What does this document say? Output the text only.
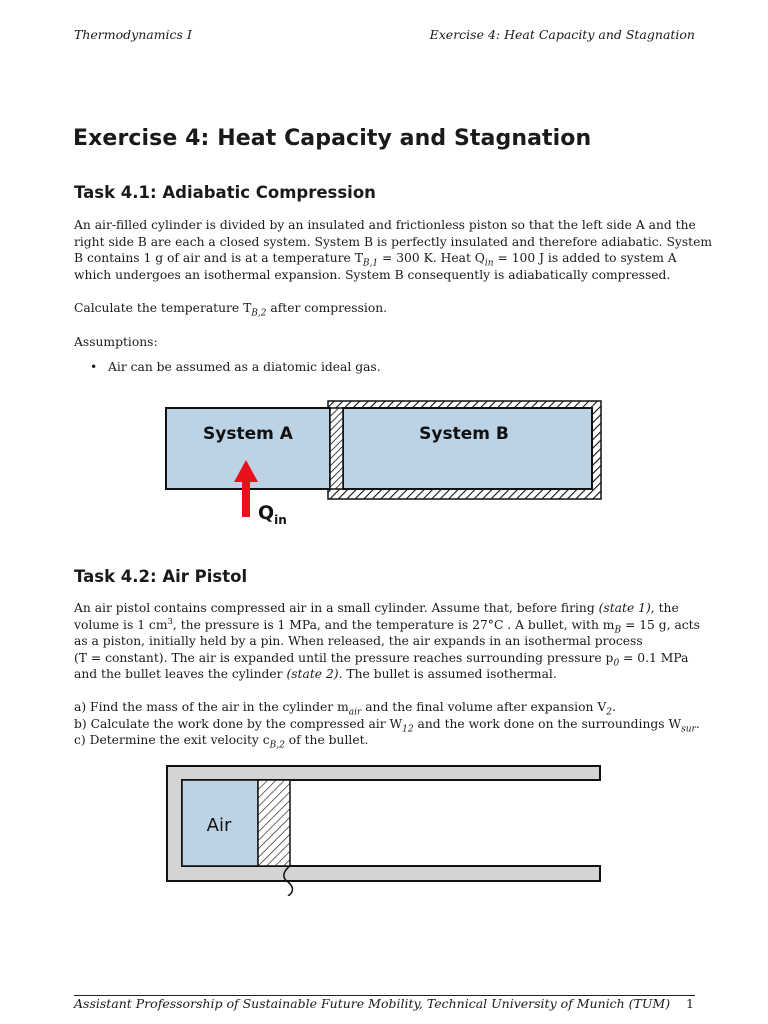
Thermodynamics I	Exercise 4: Heat Capacity and Stagnation
Exercise 4: Heat Capacity and Stagnation
Task 4.1: Adiabatic Compression
An air-filled cylinder is divided by an insulated and frictionless piston so that the left side A and the
right side B are each a closed system. System B is perfectly insulated and therefore adiabatic. System
B contains 1 g of air and is at a temperature $T_{B,1} = 300$ K. Heat $Q_{in} = 100$ J is added to system A
which undergoes an isothermal expansion. System B consequently is adiabatically compressed.
Calculate the temperature $T_{B,2}$ after compression.
Assumptions:
• Air can be assumed as a diatomic ideal gas.
System A	System B
$Q_{in}$
Task 4.2: Air Pistol
An air pistol contains compressed air in a small cylinder. Assume that, before firing (state 1), the
volume is 1 $cm^3$, the pressure is 1 MPa, and the temperature is 27°C . A bullet, with $m_B = 15$ g, acts
as a piston, initially held by a pin. When released, the air expands in an isothermal process
(T = constant). The air is expanded until the pressure reaches surrounding pressure $p_0 = 0.1$ MPa
and the bullet leaves the cylinder (state 2). The bullet is assumed isothermal.
a) Find the mass of the air in the cylinder $m_{air}$ and the final volume after expansion $V_2$.
b) Calculate the work done by the compressed air $W_{12}$ and the work done on the surroundings $W_{sur}$.
c) Determine the exit velocity $c_{B,2}$ of the bullet.
Air
Assistant Professorship of Sustainable Future Mobility, Technical University of Munich (TUM) 1
